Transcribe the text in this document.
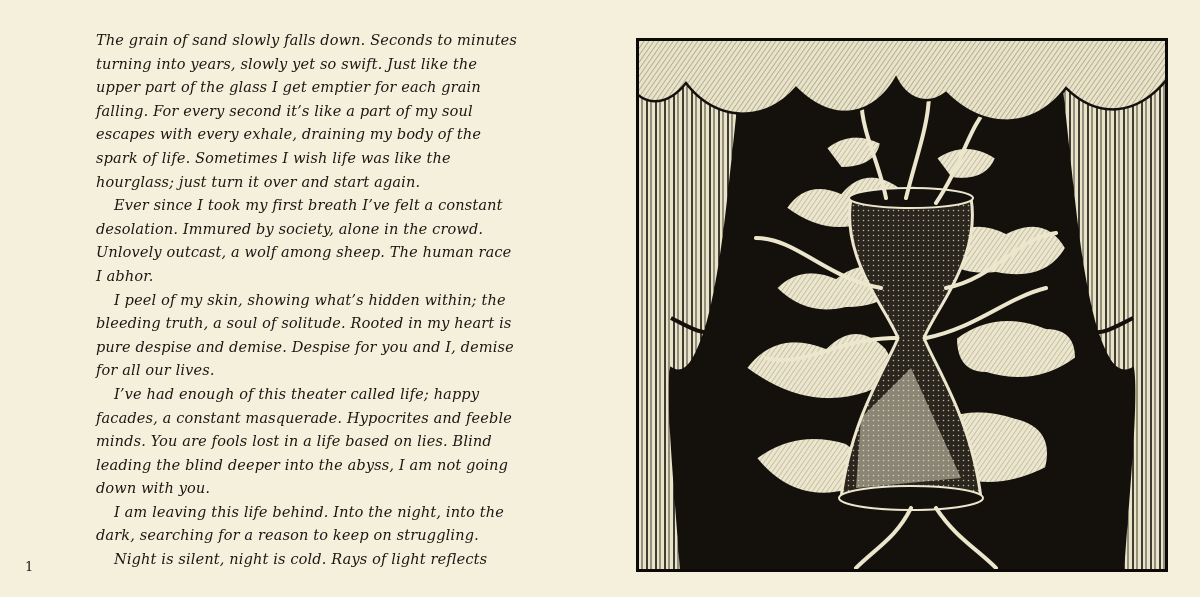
The grain of sand slowly falls down. Seconds to minutes turning into years, slowly yet so swift. Just like the upper part of the glass I get emptier for each grain falling. For every second it’s like a part of my soul escapes with every exhale, draining my body of the spark of life. Sometimes I wish life was like the hourglass; just turn it over and start again.

Ever since I took my first breath I’ve felt a constant desolation. Immured by society, alone in the crowd. Unlovely outcast, a wolf among sheep. The human race I abhor.

I peel of my skin, showing what’s hidden within; the bleeding truth, a soul of solitude. Rooted in my heart is pure despise and demise. Despise for you and I, demise for all our lives.

I’ve had enough of this theater called life; happy facades, a constant masquerade. Hypocrites and feeble minds. You are fools lost in a life based on lies. Blind leading the blind deeper into the abyss, I am not going down with you.

I am leaving this life behind. Into the night, into the dark, searching for a reason to keep on struggling.

Night is silent, night is cold. Rays of light reflects

1
